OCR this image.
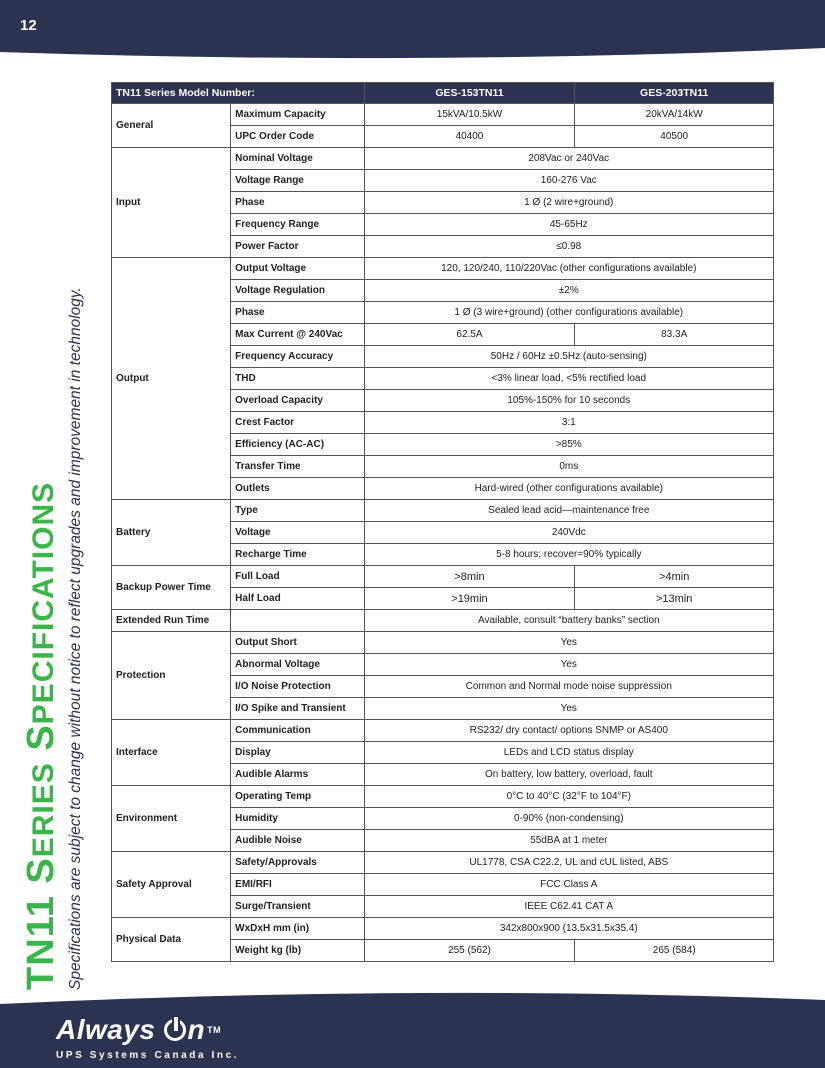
12
TN11 SERIES SPECIFICATIONS Specifications are subject to change without notice to reflect upgrades and improvement in technology.
TN11 Series Model Number:		GES-153TN11	GES-203TN11
General	Maximum Capacity	15kVA/10.5kW	20kVA/14kW
	UPC Order Code	40400	40500
Input	Nominal Voltage	208Vac or 240Vac	
	Voltage Range	160-276 Vac	
	Phase	1 Ø (2 wire+ground)	
	Frequency Range	45-65Hz	
	Power Factor	≤0.98	
Output	Output Voltage	120, 120/240, 110/220Vac (other configurations available)	
	Voltage Regulation	±2%	
	Phase	1 Ø (3 wire+ground) (other configurations available)	
	Max Current @ 240Vac	62.5A	83.3A
	Frequency Accuracy	50Hz / 60Hz ±0.5Hz (auto-sensing)	
	THD	<3% linear load, <5% rectified load	
	Overload Capacity	105%-150% for 10 seconds	
	Crest Factor	3:1	
	Efficiency (AC-AC)	>85%	
	Transfer Time	0ms	
	Outlets	Hard-wired (other configurations available)	
Battery	Type	Sealed lead acid—maintenance free	
	Voltage	240Vdc	
	Recharge Time	5-8 hours; recover=90% typically	
Backup Power Time	Full Load	>8min	>4min
	Half Load	>19min	>13min
Extended Run Time		Available, consult “battery banks” section	
Protection	Output Short	Yes	
	Abnormal Voltage	Yes	
	I/O Noise Protection	Common and Normal mode noise suppression	
	I/O Spike and Transient	Yes	
Interface	Communication	RS232/ dry contact/ options SNMP or AS400	
	Display	LEDs and LCD status display	
	Audible Alarms	On battery, low battery, overload, fault	
Environment	Operating Temp	0°C to 40°C (32°F to 104°F)	
	Humidity	0-90% (non-condensing)	
	Audible Noise	55dBA at 1 meter	
Safety Approval	Safety/Approvals	UL1778, CSA C22.2, UL and cUL listed, ABS	
	EMI/RFI	FCC Class A	
	Surge/Transient	IEEE C62.41 CAT A	
Physical Data	WxDxH mm (in)	342x800x900 (13.5x31.5x35.4)	
	Weight kg (lb)	255 (562)	265 (584)
Always n TM
UPS Systems Canada Inc.
